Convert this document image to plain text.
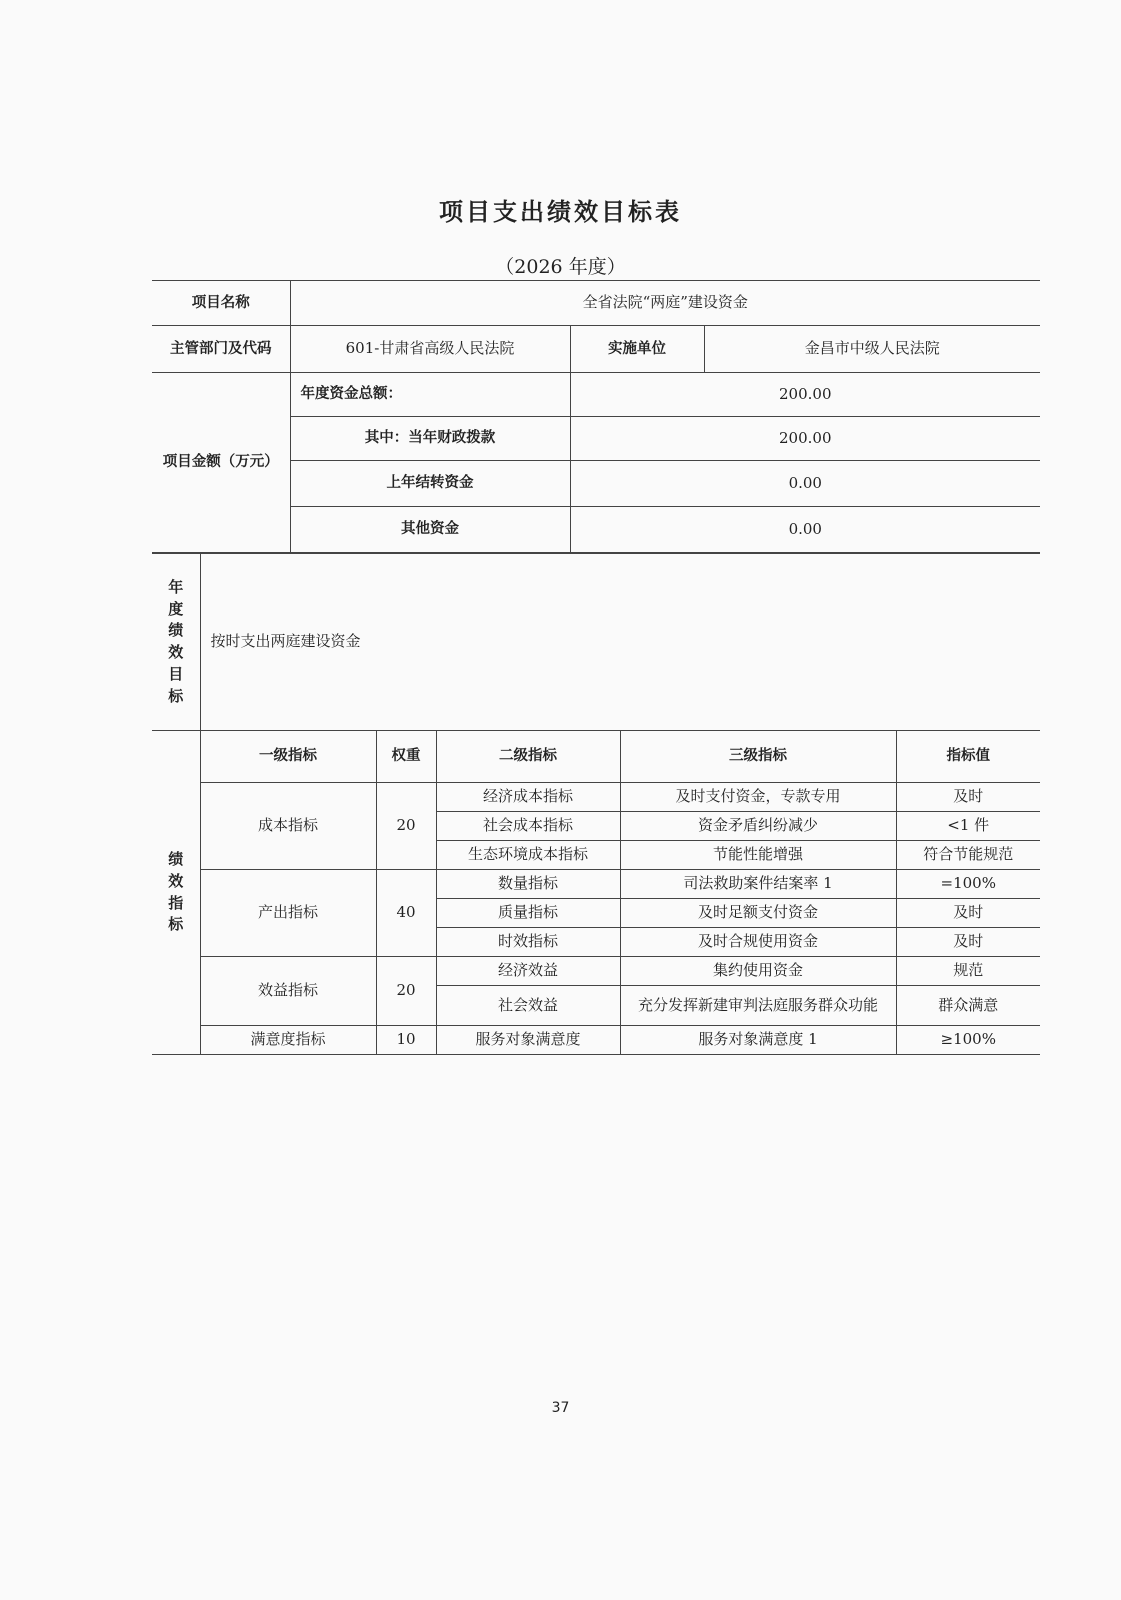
项目支出绩效目标表
（2026 年度）
项目名称	全省法院“两庭”建设资金		
主管部门及代码	601-甘肃省高级人民法院	实施单位	金昌市中级人民法院
项目金额（万元）	年度资金总额：	200.00	
	其中：当年财政拨款	200.00	
	上年结转资金	0.00	
	其他资金	0.00	
年
度
绩
效
目
标
	按时支出两庭建设资金
绩
效
指
标	一级指标	权重	二级指标	三级指标	指标值
	成本指标	20	经济成本指标	及时支付资金，专款专用	及时
			社会成本指标	资金矛盾纠纷减少	<1 件
			生态环境成本指标	节能性能增强	符合节能规范
	产出指标	40	数量指标	司法救助案件结案率 1	=100%
			质量指标	及时足额支付资金	及时
			时效指标	及时合规使用资金	及时
	效益指标	20	经济效益	集约使用资金	规范
			社会效益	充分发挥新建审判法庭服务群众功能	群众满意
	满意度指标	10	服务对象满意度	服务对象满意度 1	≥100%
37
